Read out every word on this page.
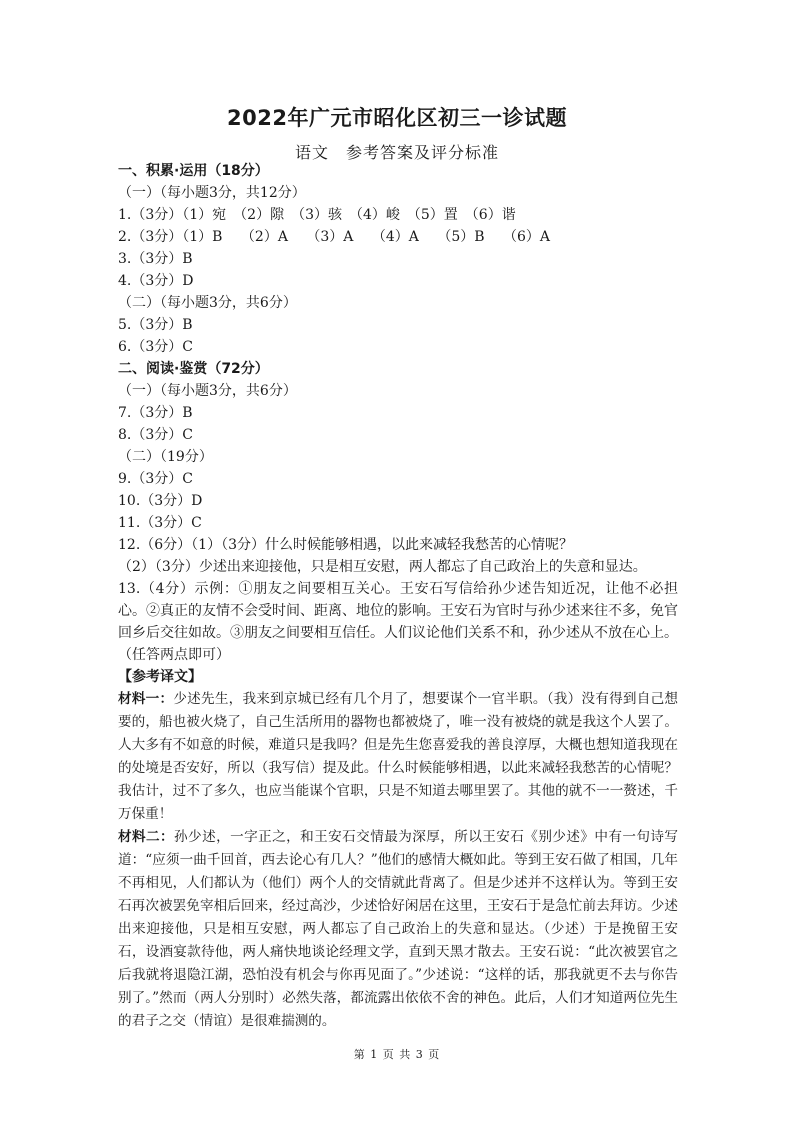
2022年广元市昭化区初三一诊试题
语文　参考答案及评分标准
一、积累·运用（18分）
（一）（每小题3分，共12分）
1.（3分）（1）宛　（2）隙　（3）骇　（4）峻　（5）置　（6）谐
2.（3分）（1）B　 （2）A　 （3）A　 （4）A　 （5）B　 （6）A
3.（3分）B
4.（3分）D
（二）（每小题3分，共6分）
5.（3分）B
6.（3分）C
二、阅读·鉴赏（72分）
（一）（每小题3分，共6分）
7.（3分）B
8.（3分）C
（二）（19分）
9.（3分）C
10.（3分）D
11.（3分）C
12.（6分）（1）（3分）什么时候能够相遇，以此来减轻我愁苦的心情呢？
（2）（3分）少述出来迎接他，只是相互安慰，两人都忘了自己政治上的失意和显达。
13.（4分）示例：①朋友之间要相互关心。王安石写信给孙少述告知近况，让他不必担心。②真正的友情不会受时间、距离、地位的影响。王安石为官时与孙少述来往不多，免官回乡后交往如故。③朋友之间要相互信任。人们议论他们关系不和，孙少述从不放在心上。（任答两点即可）
【参考译文】
材料一：少述先生，我来到京城已经有几个月了，想要谋个一官半职。（我）没有得到自己想要的，船也被火烧了，自己生活所用的器物也都被烧了，唯一没有被烧的就是我这个人罢了。人大多有不如意的时候，难道只是我吗？但是先生您喜爱我的善良淳厚，大概也想知道我现在的处境是否安好，所以（我写信）提及此。什么时候能够相遇，以此来减轻我愁苦的心情呢？我估计，过不了多久，也应当能谋个官职，只是不知道去哪里罢了。其他的就不一一赘述，千万保重！
材料二：孙少述，一字正之，和王安石交情最为深厚，所以王安石《别少述》中有一句诗写道：“应须一曲千回首，西去论心有几人？”他们的感情大概如此。等到王安石做了相国，几年不再相见，人们都认为（他们）两个人的交情就此背离了。但是少述并不这样认为。等到王安石再次被罢免宰相后回来，经过高沙，少述恰好闲居在这里，王安石于是急忙前去拜访。少述出来迎接他，只是相互安慰，两人都忘了自己政治上的失意和显达。（少述）于是挽留王安石，设酒宴款待他，两人痛快地谈论经理文学，直到天黑才散去。王安石说：“此次被罢官之后我就将退隐江湖，恐怕没有机会与你再见面了。”少述说：“这样的话，那我就更不去与你告别了。”然而（两人分别时）必然失落，都流露出依依不舍的神色。此后，人们才知道两位先生的君子之交（情谊）是很难揣测的。
第 1 页 共 3 页
